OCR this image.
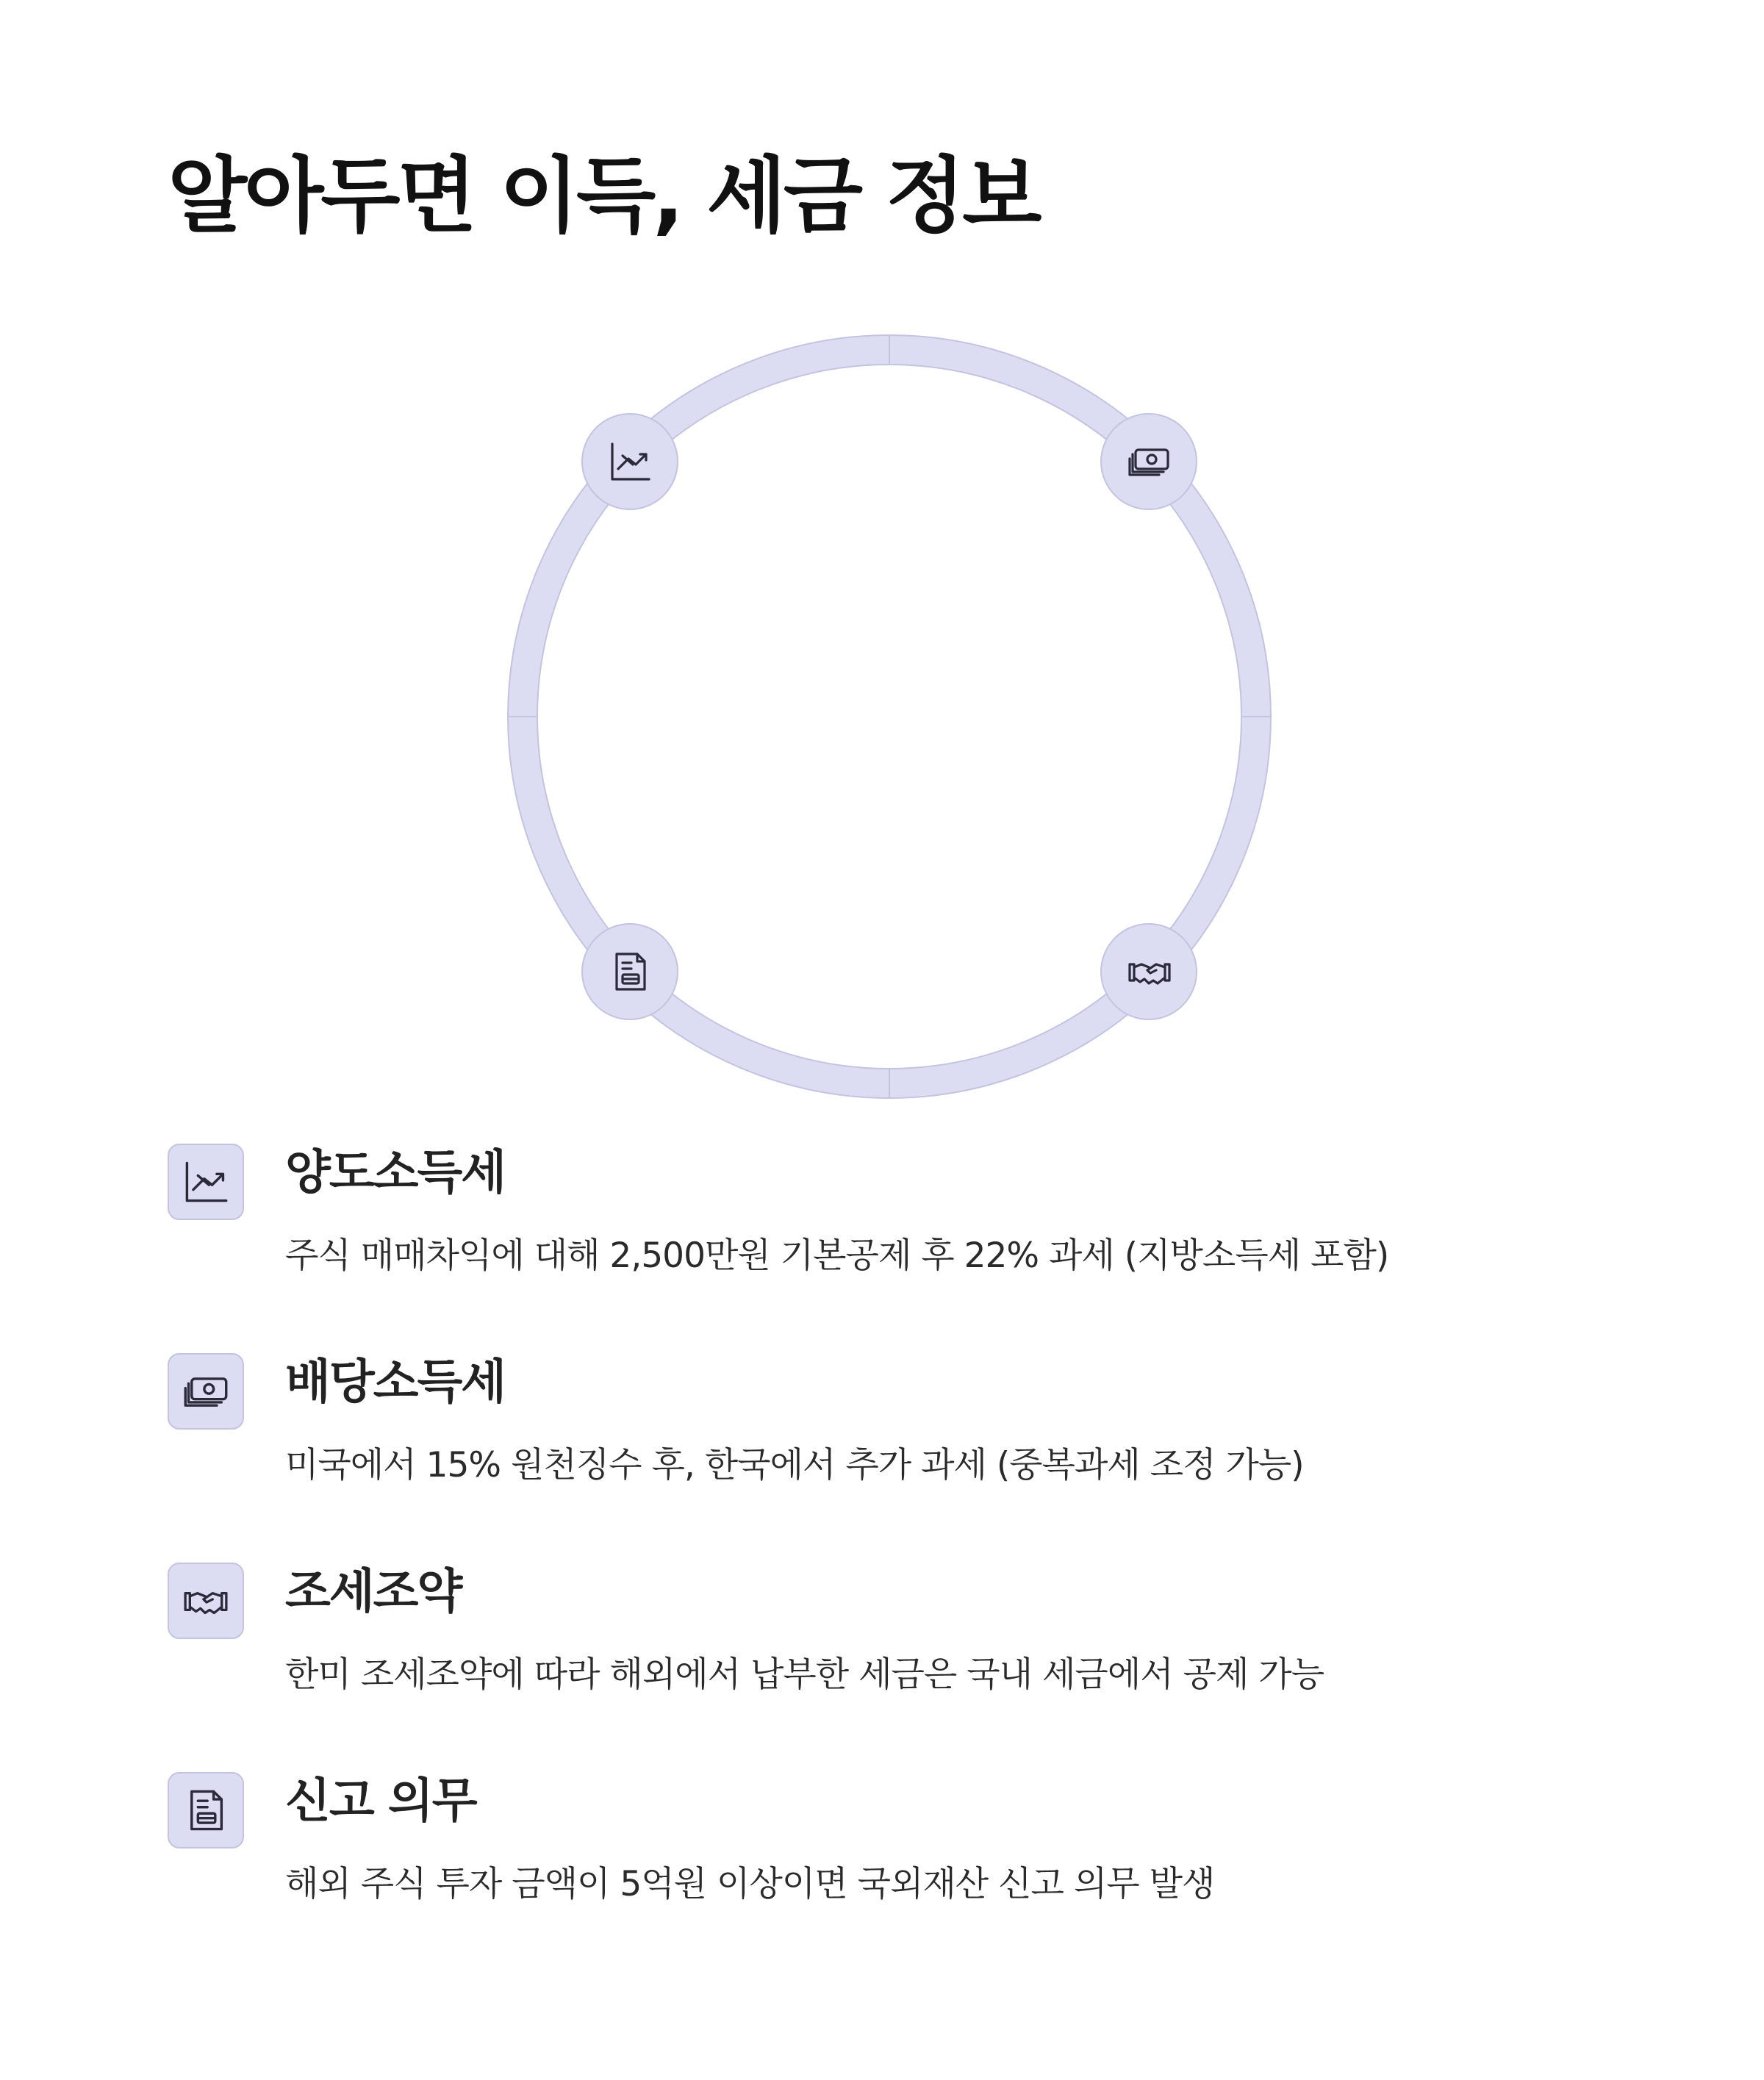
알아두면 이득, 세금 정보
양도소득세

주식 매매차익에 대해 2,500만원 기본공제 후 22% 과세 (지방소득세 포함)

배당소득세

미국에서 15% 원천징수 후, 한국에서 추가 과세 (중복과세 조정 가능)

조세조약

한미 조세조약에 따라 해외에서 납부한 세금은 국내 세금에서 공제 가능

신고 의무

해외 주식 투자 금액이 5억원 이상이면 국외재산 신고 의무 발생
